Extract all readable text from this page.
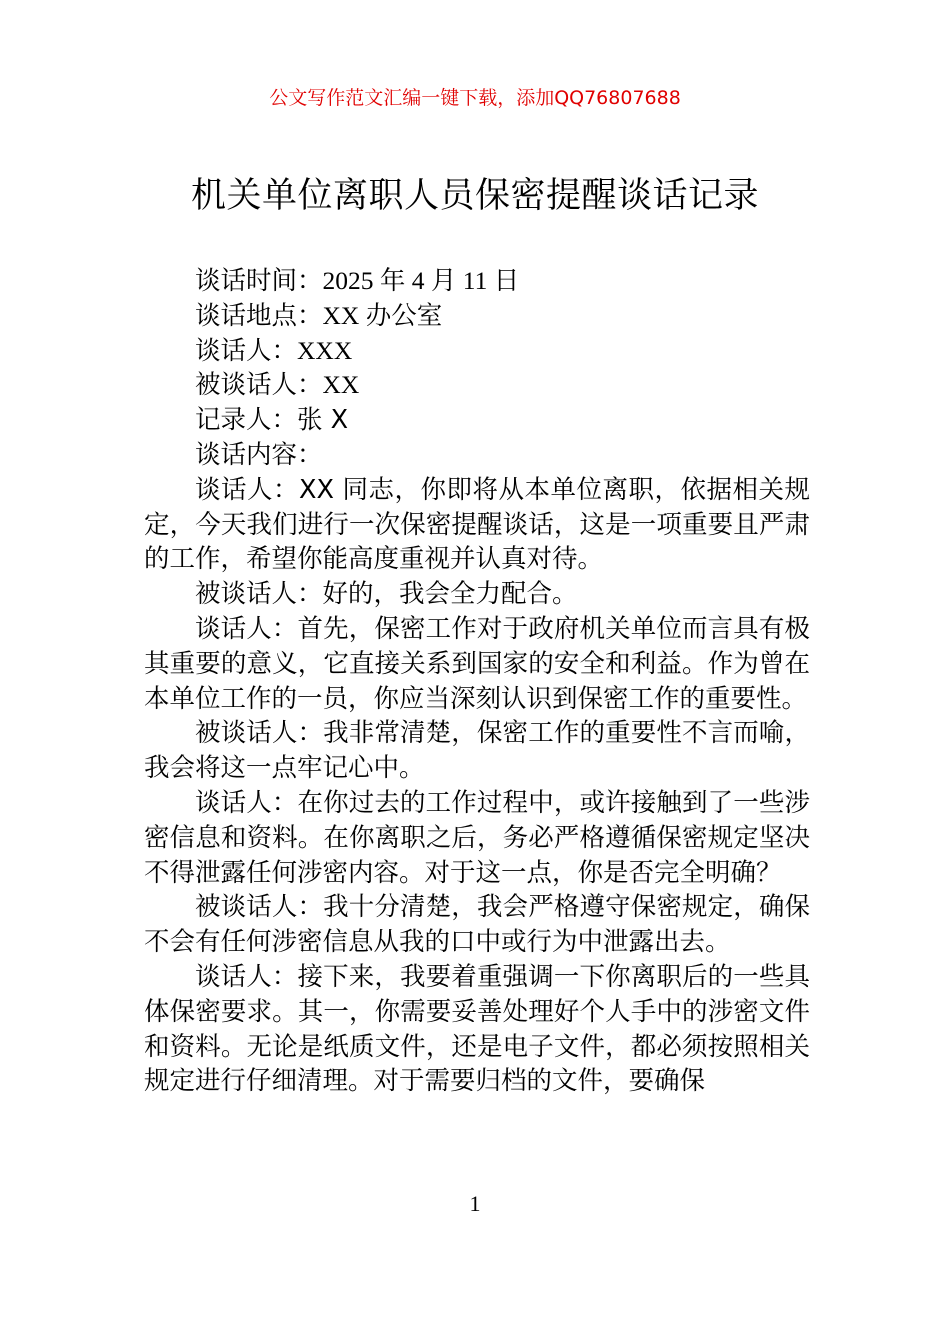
公文写作范文汇编一键下载，添加QQ76807688
机关单位离职人员保密提醒谈话记录

谈话时间：2025 年 4 月 11 日

谈话地点：XX 办公室

谈话人：XXX

被谈话人：XX

记录人：张 X

谈话内容：

谈话人：XX 同志，你即将从本单位离职，依据相关规定，今天我们进行一次保密提醒谈话，这是一项重要且严肃的工作，希望你能高度重视并认真对待。

被谈话人：好的，我会全力配合。

谈话人：首先，保密工作对于政府机关单位而言具有极其重要的意义，它直接关系到国家的安全和利益。作为曾在本单位工作的一员，你应当深刻认识到保密工作的重要性。

被谈话人：我非常清楚，保密工作的重要性不言而喻，我会将这一点牢记心中。

谈话人：在你过去的工作过程中，或许接触到了一些涉密信息和资料。在你离职之后，务必严格遵循保密规定坚决不得泄露任何涉密内容。对于这一点，你是否完全明确？

被谈话人：我十分清楚，我会严格遵守保密规定，确保不会有任何涉密信息从我的口中或行为中泄露出去。

谈话人：接下来，我要着重强调一下你离职后的一些具体保密要求。其一，你需要妥善处理好个人手中的涉密文件和资料。无论是纸质文件，还是电子文件，都必须按照相关规定进行仔细清理。对于需要归档的文件，要确保

1
